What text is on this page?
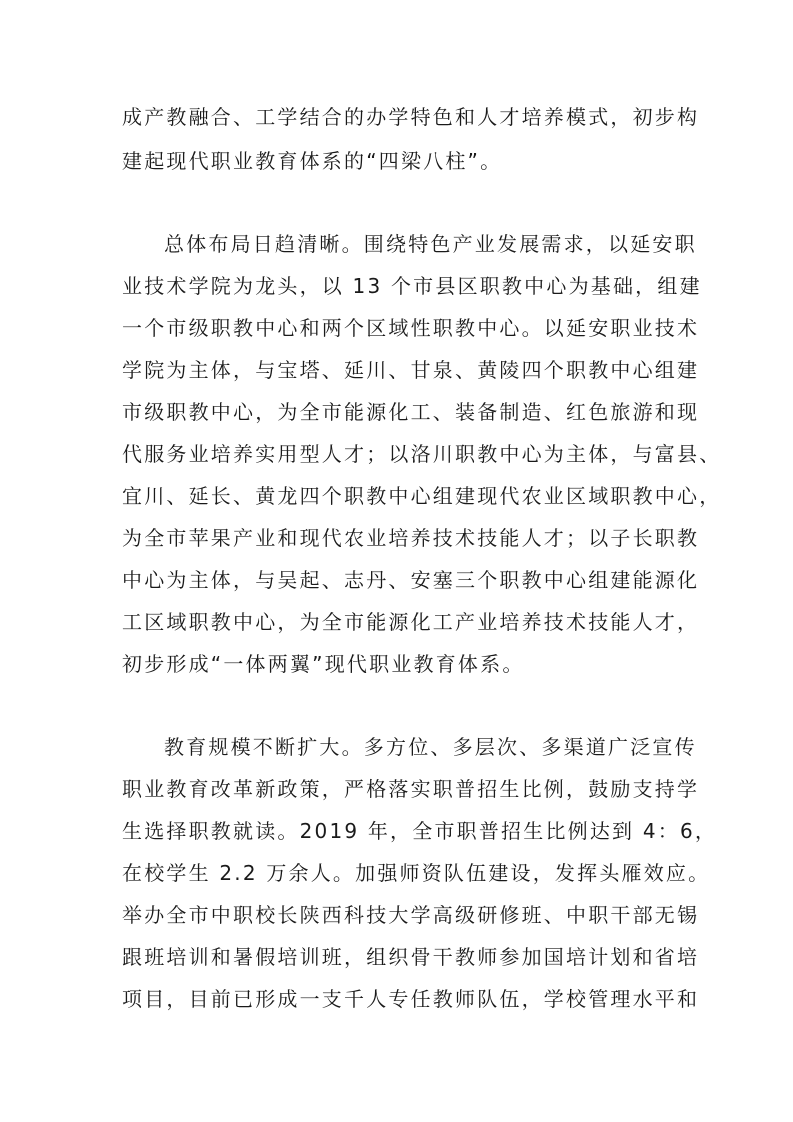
成产教融合、工学结合的办学特色和人才培养模式，初步构
建起现代职业教育体系的“四梁八柱”。
总体布局日趋清晰。围绕特色产业发展需求，以延安职
业技术学院为龙头，以 13 个市县区职教中心为基础，组建
一个市级职教中心和两个区域性职教中心。以延安职业技术
学院为主体，与宝塔、延川、甘泉、黄陵四个职教中心组建
市级职教中心，为全市能源化工、装备制造、红色旅游和现
代服务业培养实用型人才；以洛川职教中心为主体，与富县、
宜川、延长、黄龙四个职教中心组建现代农业区域职教中心，
为全市苹果产业和现代农业培养技术技能人才；以子长职教
中心为主体，与吴起、志丹、安塞三个职教中心组建能源化
工区域职教中心，为全市能源化工产业培养技术技能人才，
初步形成“一体两翼”现代职业教育体系。
教育规模不断扩大。多方位、多层次、多渠道广泛宣传
职业教育改革新政策，严格落实职普招生比例，鼓励支持学
生选择职教就读。2019 年，全市职普招生比例达到 4：6，
在校学生 2.2 万余人。加强师资队伍建设，发挥头雁效应。
举办全市中职校长陕西科技大学高级研修班、中职干部无锡
跟班培训和暑假培训班，组织骨干教师参加国培计划和省培
项目，目前已形成一支千人专任教师队伍，学校管理水平和
